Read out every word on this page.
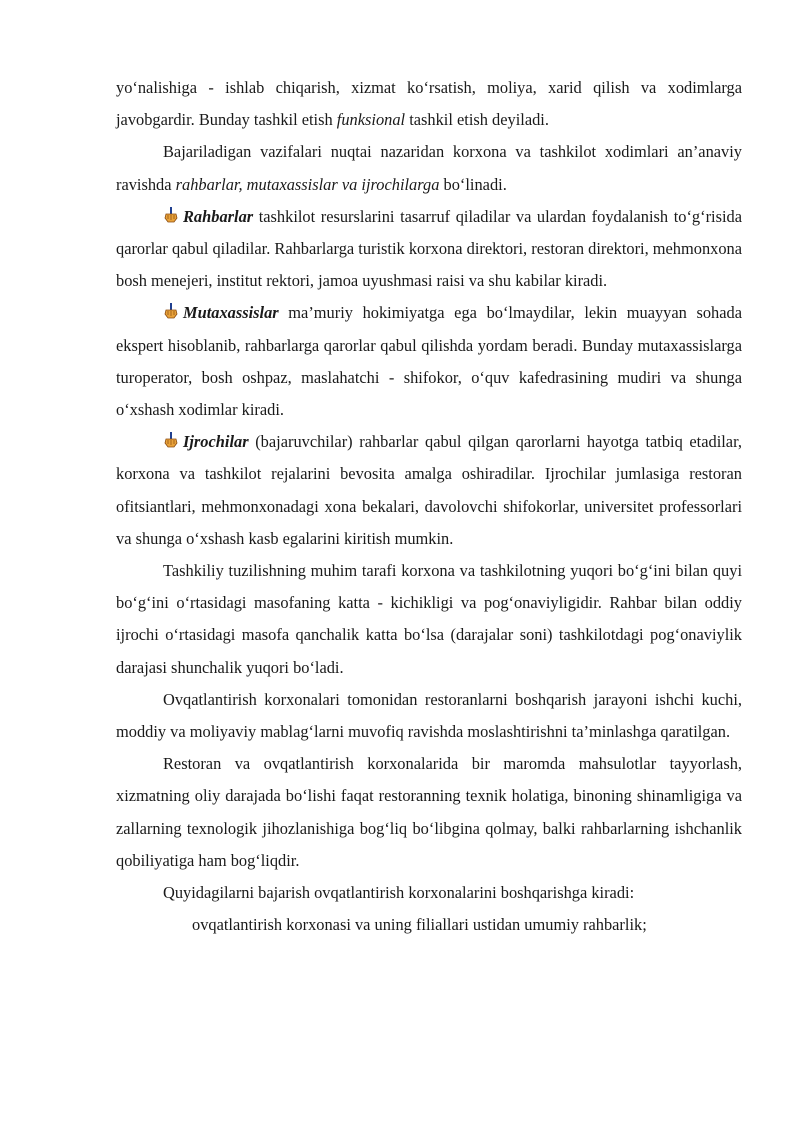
yo‘nalishiga - ishlab chiqarish, xizmat ko‘rsatish, moliya, xarid qilish va xodimlarga javobgardir. Bunday tashkil etish funksional tashkil etish deyiladi.

Bajariladigan vazifalari nuqtai nazaridan korxona va tashkilot xodimlari an’anaviy ravishda rahbarlar, mutaxassislar va ijrochilarga bo‘linadi.

Rahbarlar tashkilot resurslarini tasarruf qiladilar va ulardan foydalanish to‘g‘risida qarorlar qabul qiladilar. Rahbarlarga turistik korxona direktori, restoran direktori, mehmonxona bosh menejeri, institut rektori, jamoa uyushmasi raisi va shu kabilar kiradi.

Mutaxassislar ma’muriy hokimiyatga ega bo‘lmaydilar, lekin muayyan sohada ekspert hisoblanib, rahbarlarga qarorlar qabul qilishda yordam beradi. Bunday mutaxassislarga turoperator, bosh oshpaz, maslahatchi - shifokor, o‘quv kafedrasining mudiri va shunga o‘xshash xodimlar kiradi.

Ijrochilar (bajaruvchilar) rahbarlar qabul qilgan qarorlarni hayotga tatbiq etadilar, korxona va tashkilot rejalarini bevosita amalga oshiradilar. Ijrochilar jumlasiga restoran ofitsiantlari, mehmonxonadagi xona bekalari, davolovchi shifokorlar, universitet professorlari va shunga o‘xshash kasb egalarini kiritish mumkin.

Tashkiliy tuzilishning muhim tarafi korxona va tashkilotning yuqori bo‘g‘ini bilan quyi bo‘g‘ini o‘rtasidagi masofaning katta - kichikligi va pog‘onaviyligidir. Rahbar bilan oddiy ijrochi o‘rtasidagi masofa qanchalik katta bo‘lsa (darajalar soni) tashkilotdagi pog‘onaviylik darajasi shunchalik yuqori bo‘ladi.

Ovqatlantirish korxonalari tomonidan restoranlarni boshqarish jarayoni ishchi kuchi, moddiy va moliyaviy mablag‘larni muvofiq ravishda moslashtirishni ta’minlashga qaratilgan.

Restoran va ovqatlantirish korxonalarida bir maromda mahsulotlar tayyorlash, xizmatning oliy darajada bo‘lishi faqat restoranning texnik holatiga, binoning shinamligiga va zallarning texnologik jihozlanishiga bog‘liq bo‘libgina qolmay, balki rahbarlarning ishchanlik qobiliyatiga ham bog‘liqdir.

Quyidagilarni bajarish ovqatlantirish korxonalarini boshqarishga kiradi:

ovqatlantirish korxonasi va uning filiallari ustidan umumiy rahbarlik;
